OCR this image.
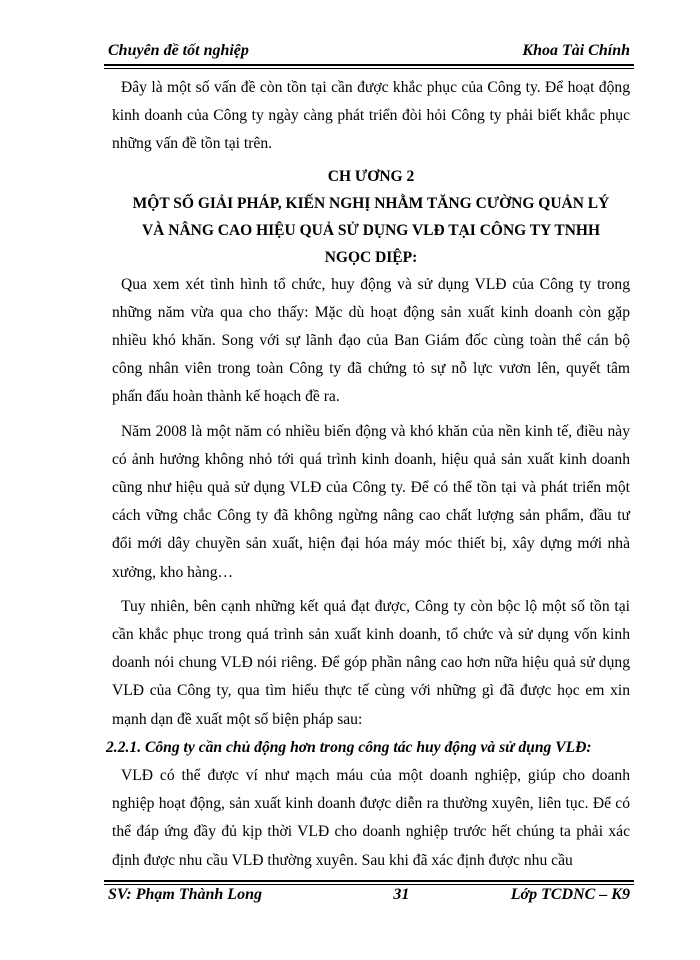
Chuyên đề tốt nghiệp	Khoa Tài Chính

Đây là một số vấn đề còn tồn tại cần được khắc phục của Công ty. Để hoạt động kinh doanh của Công ty ngày càng phát triển đòi hỏi Công ty phải biết khắc phục những vấn đề tồn tại trên.

CH ƯƠNG 2

MỘT SỐ GIẢI PHÁP, KIẾN NGHỊ NHẰM TĂNG CƯỜNG QUẢN LÝ

VÀ NÂNG CAO HIỆU QUẢ SỬ DỤNG VLĐ TẠI CÔNG TY TNHH

NGỌC DIỆP:

Qua xem xét tình hình tổ chức, huy động và sử dụng VLĐ của Công ty trong những năm vừa qua cho thấy: Mặc dù hoạt động sản xuất kinh doanh còn gặp nhiều khó khăn. Song với sự lãnh đạo của Ban Giám đốc cùng toàn thể cán bộ công nhân viên trong toàn Công ty đã chứng tỏ sự nỗ lực vươn lên, quyết tâm phấn đấu hoàn thành kế hoạch đề ra.

Năm 2008 là một năm có nhiều biến động và khó khăn của nền kinh tế, điều này có ảnh hưởng không nhỏ tới quá trình kinh doanh, hiệu quả sản xuất kinh doanh cũng như hiệu quả sử dụng VLĐ của Công ty. Để có thể tồn tại và phát triển một cách vững chắc Công ty đã không ngừng nâng cao chất lượng sản phẩm, đầu tư đổi mới dây chuyền sản xuất, hiện đại hóa máy móc thiết bị, xây dựng mới nhà xưởng, kho hàng…

Tuy nhiên, bên cạnh những kết quả đạt được, Công ty còn bộc lộ một số tồn tại cần khắc phục trong quá trình sản xuất kinh doanh, tổ chức và sử dụng vốn kinh doanh nói chung VLĐ nói riêng. Để góp phần nâng cao hơn nữa hiệu quả sử dụng VLĐ của Công ty, qua tìm hiểu thực tế cùng với những gì đã được học em xin mạnh dạn đề xuất một số biện pháp sau:

2.2.1. Công ty cần chủ động hơn trong công tác huy động và sử dụng VLĐ:

VLĐ có thể được ví như mạch máu của một doanh nghiệp, giúp cho doanh nghiệp hoạt động, sản xuất kinh doanh được diễn ra thường xuyên, liên tục. Để có thể đáp ứng đầy đủ kịp thời VLĐ cho doanh nghiệp trước hết chúng ta phải xác định được nhu cầu VLĐ thường xuyên. Sau khi đã xác định được nhu cầu

SV: Phạm Thành Long	31	Lớp TCDNC – K9
